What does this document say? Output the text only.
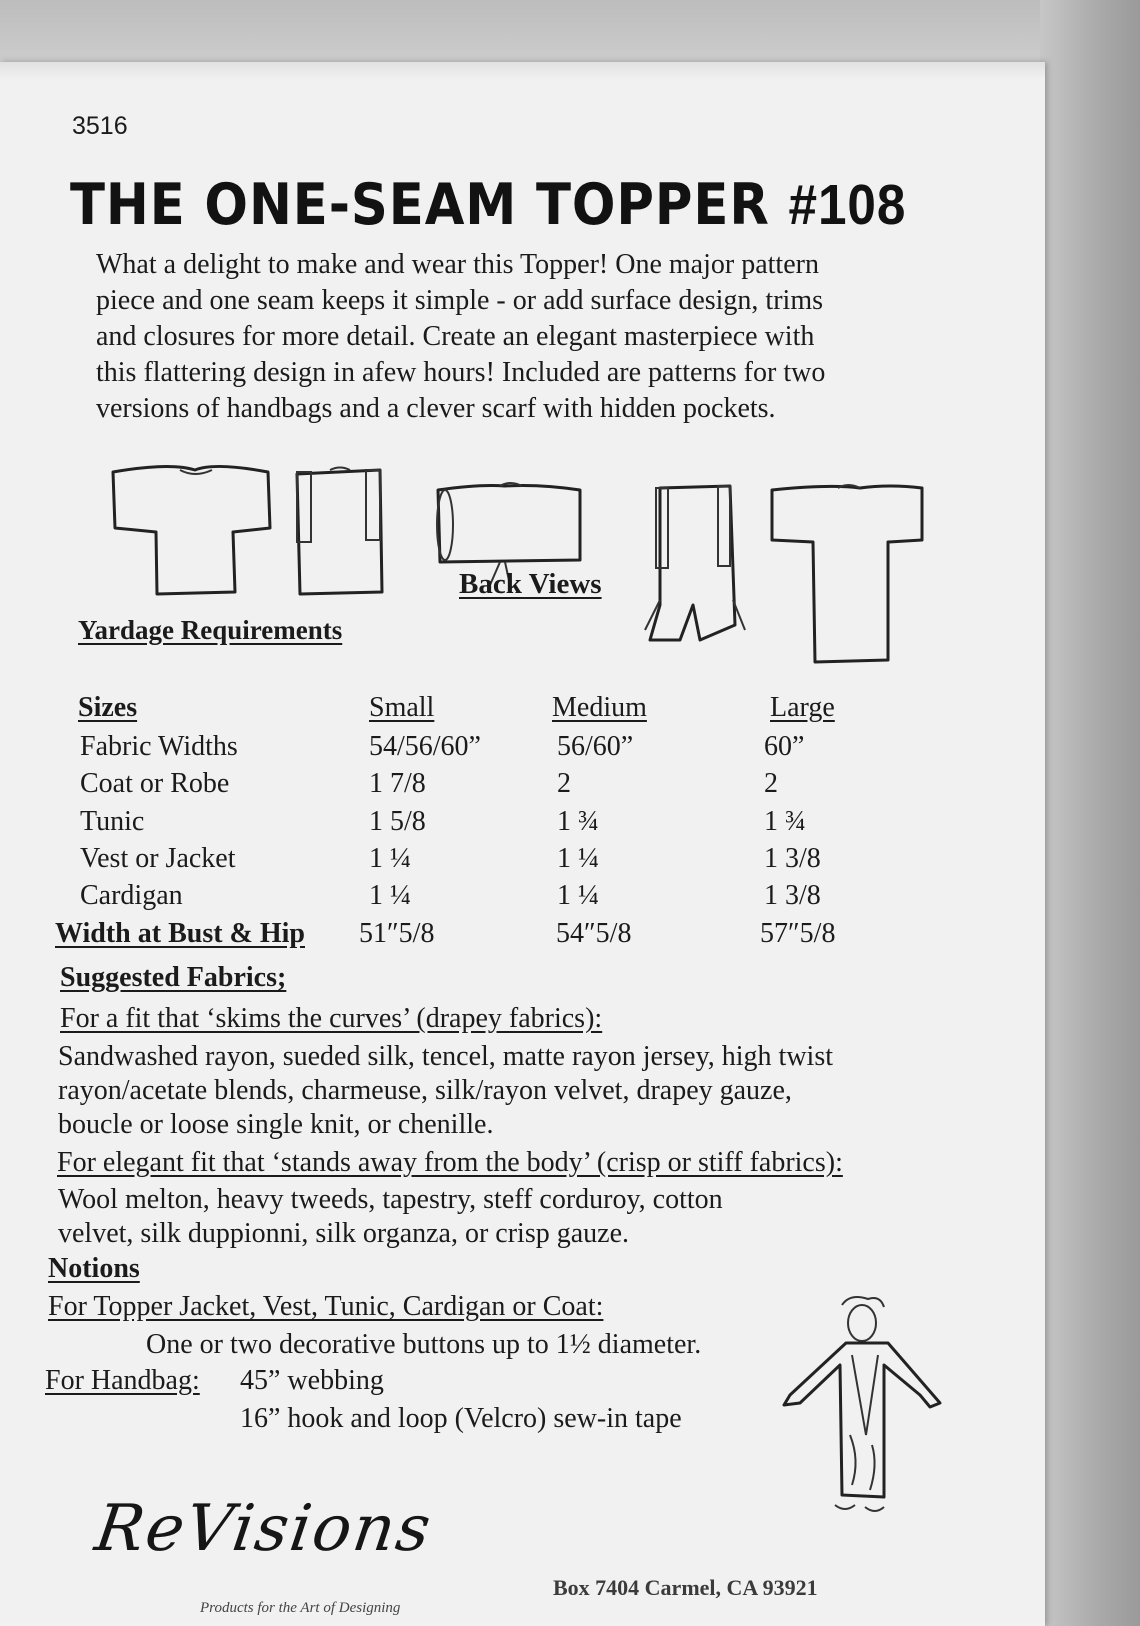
3516
THE ONE-SEAM TOPPER #108

What a delight to make and wear this Topper! One major pattern

piece and one seam keeps it simple - or add surface design, trims

and closures for more detail. Create an elegant masterpiece with

this flattering design in afew hours! Included are patterns for two

versions of handbags and a clever scarf with hidden pockets.

Back Views
Yardage Requirements
Sizes	Small	Medium	Large
Fabric Widths	54/56/60”	56/60”	60”
Coat or Robe	1 7/8	2	2
Tunic	1 5/8	1 ¾	1 ¾
Vest or Jacket	1 ¼	1 ¼	1 3/8
Cardigan	1 ¼	1 ¼	1 3/8
Width at Bust & Hip 51″5/8	54″5/8	57″5/8
Suggested Fabrics;
For a fit that ‘skims the curves’ (drapey fabrics):
Sandwashed rayon, sueded silk, tencel, matte rayon jersey, high twist
rayon/acetate blends, charmeuse, silk/rayon velvet, drapey gauze,
boucle or loose single knit, or chenille.
For elegant fit that ‘stands away from the body’ (crisp or stiff fabrics):
Wool melton, heavy tweeds, tapestry, steff corduroy, cotton
velvet, silk duppionni, silk organza, or crisp gauze.
Notions
For Topper Jacket, Vest, Tunic, Cardigan or Coat:
One or two decorative buttons up to 1½ diameter.
For Handbag: 45” webbing
16” hook and loop (Velcro) sew-in tape
ReVisions
Products for the Art of Designing
Box 7404 Carmel, CA 93921
